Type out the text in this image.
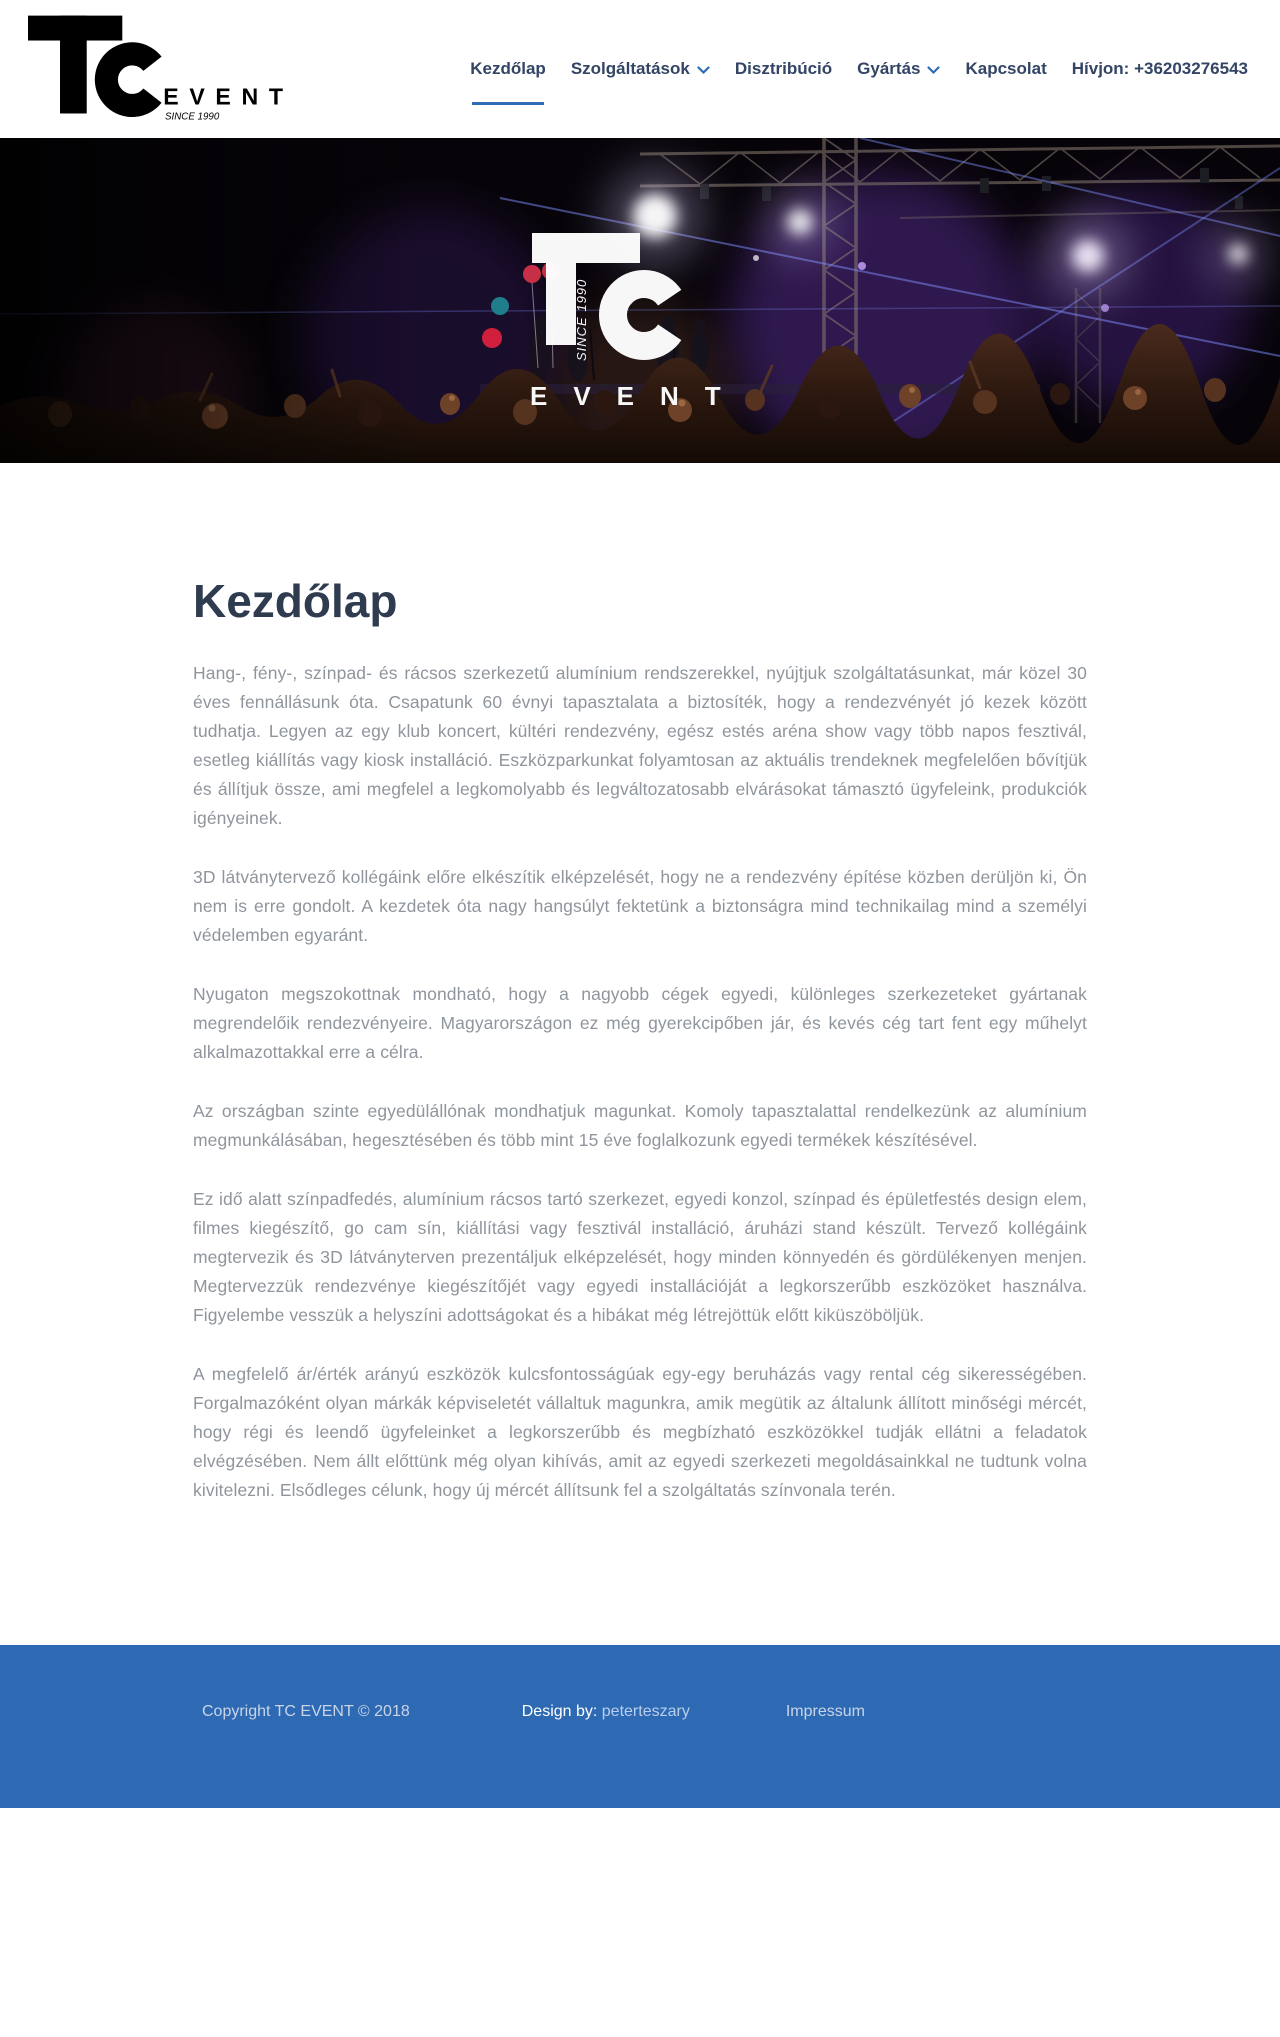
EVENT
SINCE 1990
Kezdőlap Szolgáltatások	Disztribúció Gyártás	Kapcsolat Hívjon: +36203276543
SINCE 1990
EVENT
Kezdőlap

Hang-, fény-, színpad- és rácsos szerkezetű alumínium rendszerekkel, nyújtjuk szolgáltatásunkat, már közel 30 éves fennállásunk óta. Csapatunk 60 évnyi tapasztalata a biztosíték, hogy a rendezvényét jó kezek között tudhatja. Legyen az egy klub koncert, kültéri rendezvény, egész estés aréna show vagy több napos fesztivál, esetleg kiállítás vagy kiosk installáció. Eszközparkunkat folyamtosan az aktuális trendeknek megfelelően bővítjük és állítjuk össze, ami megfelel a legkomolyabb és legváltozatosabb elvárásokat támasztó ügyfeleink, produkciók igényeinek.

3D látványtervező kollégáink előre elkészítik elképzelését, hogy ne a rendezvény építése közben derüljön ki, Ön nem is erre gondolt. A kezdetek óta nagy hangsúlyt fektetünk a biztonságra mind technikailag mind a személyi védelemben egyaránt.

Nyugaton megszokottnak mondható, hogy a nagyobb cégek egyedi, különleges szerkezeteket gyártanak megrendelőik rendezvényeire. Magyarországon ez még gyerekcipőben jár, és kevés cég tart fent egy műhelyt alkalmazottakkal erre a célra.

Az országban szinte egyedülállónak mondhatjuk magunkat. Komoly tapasztalattal rendelkezünk az alumínium megmunkálásában, hegesztésében és több mint 15 éve foglalkozunk egyedi termékek készítésével.

Ez idő alatt színpadfedés, alumínium rácsos tartó szerkezet, egyedi konzol, színpad és épületfestés design elem, filmes kiegészítő, go cam sín, kiállítási vagy fesztivál installáció, áruházi stand készült. Tervező kollégáink megtervezik és 3D látványterven prezentáljuk elképzelését, hogy minden könnyedén és gördülékenyen menjen. Megtervezzük rendezvénye kiegészítőjét vagy egyedi installációját a legkorszerűbb eszközöket használva. Figyelembe vesszük a helyszíni adottságokat és a hibákat még létrejöttük előtt kiküszöböljük.

A megfelelő ár/érték arányú eszközök kulcsfontosságúak egy-egy beruházás vagy rental cég sikerességében. Forgalmazóként olyan márkák képviseletét vállaltuk magunkra, amik megütik az általunk állított minőségi mércét, hogy régi és leendő ügyfeleinket a legkorszerűbb és megbízható eszközökkel tudják ellátni a feladatok elvégzésében. Nem állt előttünk még olyan kihívás, amit az egyedi szerkezeti megoldásainkkal ne tudtunk volna kivitelezni. Elsődleges célunk, hogy új mércét állítsunk fel a szolgáltatás színvonala terén.

Copyright TC EVENT © 2018	Design by: peterteszary	Impressum
